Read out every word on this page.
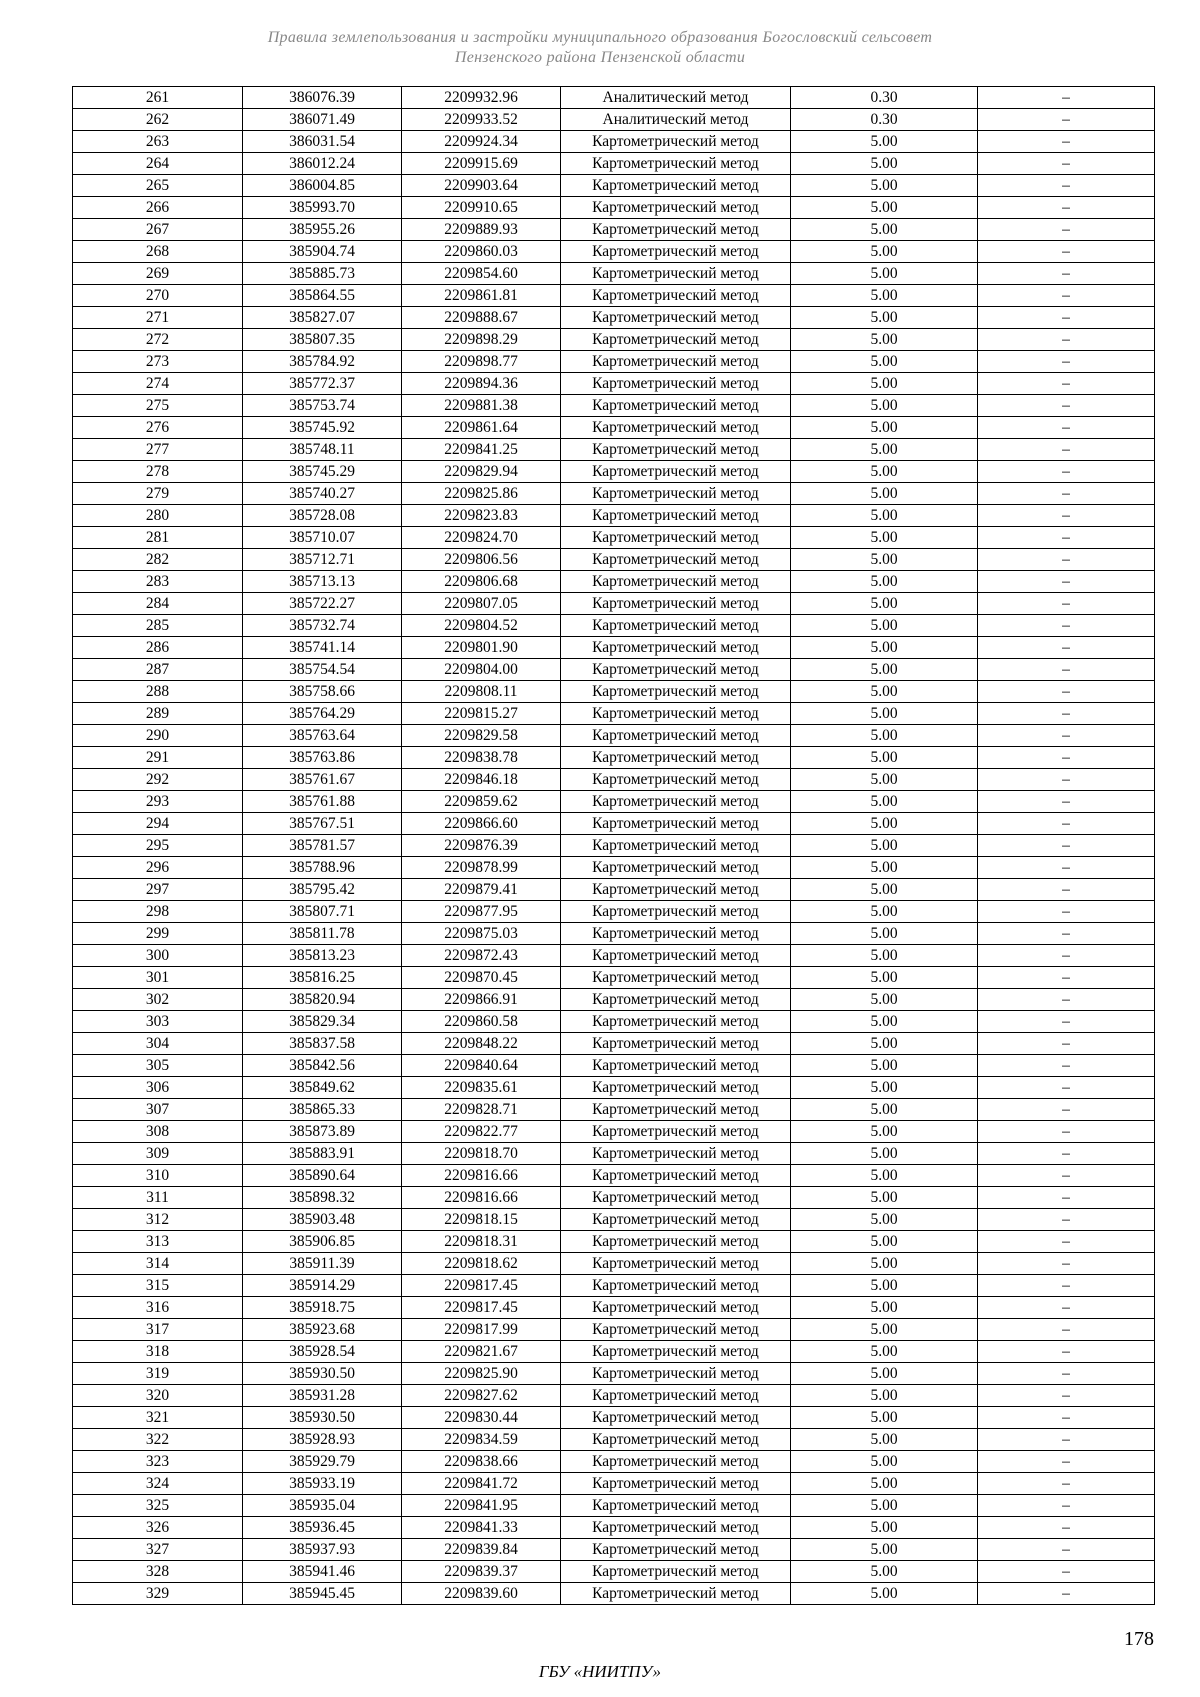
Правила землепользования и застройки муниципального образования Богословский сельсовет
Пензенского района Пензенской области
261	386076.39	2209932.96	Аналитический метод	0.30	–
262	386071.49	2209933.52	Аналитический метод	0.30	–
263	386031.54	2209924.34	Картометрический метод	5.00	–
264	386012.24	2209915.69	Картометрический метод	5.00	–
265	386004.85	2209903.64	Картометрический метод	5.00	–
266	385993.70	2209910.65	Картометрический метод	5.00	–
267	385955.26	2209889.93	Картометрический метод	5.00	–
268	385904.74	2209860.03	Картометрический метод	5.00	–
269	385885.73	2209854.60	Картометрический метод	5.00	–
270	385864.55	2209861.81	Картометрический метод	5.00	–
271	385827.07	2209888.67	Картометрический метод	5.00	–
272	385807.35	2209898.29	Картометрический метод	5.00	–
273	385784.92	2209898.77	Картометрический метод	5.00	–
274	385772.37	2209894.36	Картометрический метод	5.00	–
275	385753.74	2209881.38	Картометрический метод	5.00	–
276	385745.92	2209861.64	Картометрический метод	5.00	–
277	385748.11	2209841.25	Картометрический метод	5.00	–
278	385745.29	2209829.94	Картометрический метод	5.00	–
279	385740.27	2209825.86	Картометрический метод	5.00	–
280	385728.08	2209823.83	Картометрический метод	5.00	–
281	385710.07	2209824.70	Картометрический метод	5.00	–
282	385712.71	2209806.56	Картометрический метод	5.00	–
283	385713.13	2209806.68	Картометрический метод	5.00	–
284	385722.27	2209807.05	Картометрический метод	5.00	–
285	385732.74	2209804.52	Картометрический метод	5.00	–
286	385741.14	2209801.90	Картометрический метод	5.00	–
287	385754.54	2209804.00	Картометрический метод	5.00	–
288	385758.66	2209808.11	Картометрический метод	5.00	–
289	385764.29	2209815.27	Картометрический метод	5.00	–
290	385763.64	2209829.58	Картометрический метод	5.00	–
291	385763.86	2209838.78	Картометрический метод	5.00	–
292	385761.67	2209846.18	Картометрический метод	5.00	–
293	385761.88	2209859.62	Картометрический метод	5.00	–
294	385767.51	2209866.60	Картометрический метод	5.00	–
295	385781.57	2209876.39	Картометрический метод	5.00	–
296	385788.96	2209878.99	Картометрический метод	5.00	–
297	385795.42	2209879.41	Картометрический метод	5.00	–
298	385807.71	2209877.95	Картометрический метод	5.00	–
299	385811.78	2209875.03	Картометрический метод	5.00	–
300	385813.23	2209872.43	Картометрический метод	5.00	–
301	385816.25	2209870.45	Картометрический метод	5.00	–
302	385820.94	2209866.91	Картометрический метод	5.00	–
303	385829.34	2209860.58	Картометрический метод	5.00	–
304	385837.58	2209848.22	Картометрический метод	5.00	–
305	385842.56	2209840.64	Картометрический метод	5.00	–
306	385849.62	2209835.61	Картометрический метод	5.00	–
307	385865.33	2209828.71	Картометрический метод	5.00	–
308	385873.89	2209822.77	Картометрический метод	5.00	–
309	385883.91	2209818.70	Картометрический метод	5.00	–
310	385890.64	2209816.66	Картометрический метод	5.00	–
311	385898.32	2209816.66	Картометрический метод	5.00	–
312	385903.48	2209818.15	Картометрический метод	5.00	–
313	385906.85	2209818.31	Картометрический метод	5.00	–
314	385911.39	2209818.62	Картометрический метод	5.00	–
315	385914.29	2209817.45	Картометрический метод	5.00	–
316	385918.75	2209817.45	Картометрический метод	5.00	–
317	385923.68	2209817.99	Картометрический метод	5.00	–
318	385928.54	2209821.67	Картометрический метод	5.00	–
319	385930.50	2209825.90	Картометрический метод	5.00	–
320	385931.28	2209827.62	Картометрический метод	5.00	–
321	385930.50	2209830.44	Картометрический метод	5.00	–
322	385928.93	2209834.59	Картометрический метод	5.00	–
323	385929.79	2209838.66	Картометрический метод	5.00	–
324	385933.19	2209841.72	Картометрический метод	5.00	–
325	385935.04	2209841.95	Картометрический метод	5.00	–
326	385936.45	2209841.33	Картометрический метод	5.00	–
327	385937.93	2209839.84	Картометрический метод	5.00	–
328	385941.46	2209839.37	Картометрический метод	5.00	–
329	385945.45	2209839.60	Картометрический метод	5.00	–
178
ГБУ «НИИТПУ»
